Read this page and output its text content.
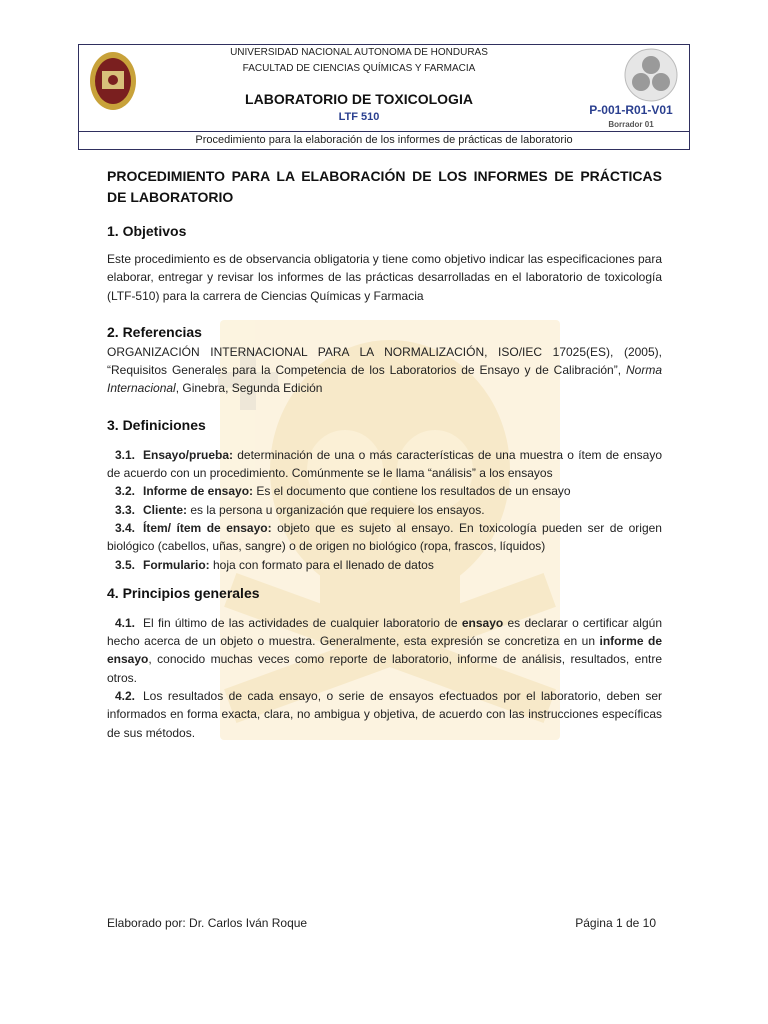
UNIVERSIDAD NACIONAL AUTONOMA DE HONDURAS
FACULTAD DE CIENCIAS QUÍMICAS Y FARMACIA
LABORATORIO DE TOXICOLOGIA
LTF 510	P-001-R01-V01
Borrador 01
Procedimiento para la elaboración de los informes de prácticas de laboratorio
PROCEDIMIENTO PARA LA ELABORACIÓN DE LOS INFORMES DE PRÁCTICAS DE LABORATORIO
1. Objetivos

Este procedimiento es de observancia obligatoria y tiene como objetivo indicar las especificaciones para elaborar, entregar y revisar los informes de las prácticas desarrolladas en el laboratorio de toxicología (LTF-510) para la carrera de Ciencias Químicas y Farmacia

2. Referencias

ORGANIZACIÓN INTERNACIONAL PARA LA NORMALIZACIÓN, ISO/IEC 17025(ES), (2005), “Requisitos Generales para la Competencia de los Laboratorios de Ensayo y de Calibración”, Norma Internacional, Ginebra, Segunda Edición

3. Definiciones

3.1. Ensayo/prueba: determinación de una o más características de una muestra o ítem de ensayo de acuerdo con un procedimiento. Comúnmente se le llama “análisis” a los ensayos

3.2. Informe de ensayo: Es el documento que contiene los resultados de un ensayo

3.3. Cliente: es la persona u organización que requiere los ensayos.

3.4. Ítem/ ítem de ensayo: objeto que es sujeto al ensayo. En toxicología pueden ser de origen biológico (cabellos, uñas, sangre) o de origen no biológico (ropa, frascos, líquidos)

3.5. Formulario: hoja con formato para el llenado de datos

4. Principios generales

4.1. El fin último de las actividades de cualquier laboratorio de ensayo es declarar o certificar algún hecho acerca de un objeto o muestra. Generalmente, esta expresión se concretiza en un informe de ensayo, conocido muchas veces como reporte de laboratorio, informe de análisis, resultados, entre otros.

4.2. Los resultados de cada ensayo, o serie de ensayos efectuados por el laboratorio, deben ser informados en forma exacta, clara, no ambigua y objetiva, de acuerdo con las instrucciones específicas de sus métodos.

Elaborado por: Dr. Carlos Iván Roque	Página 1 de 10
